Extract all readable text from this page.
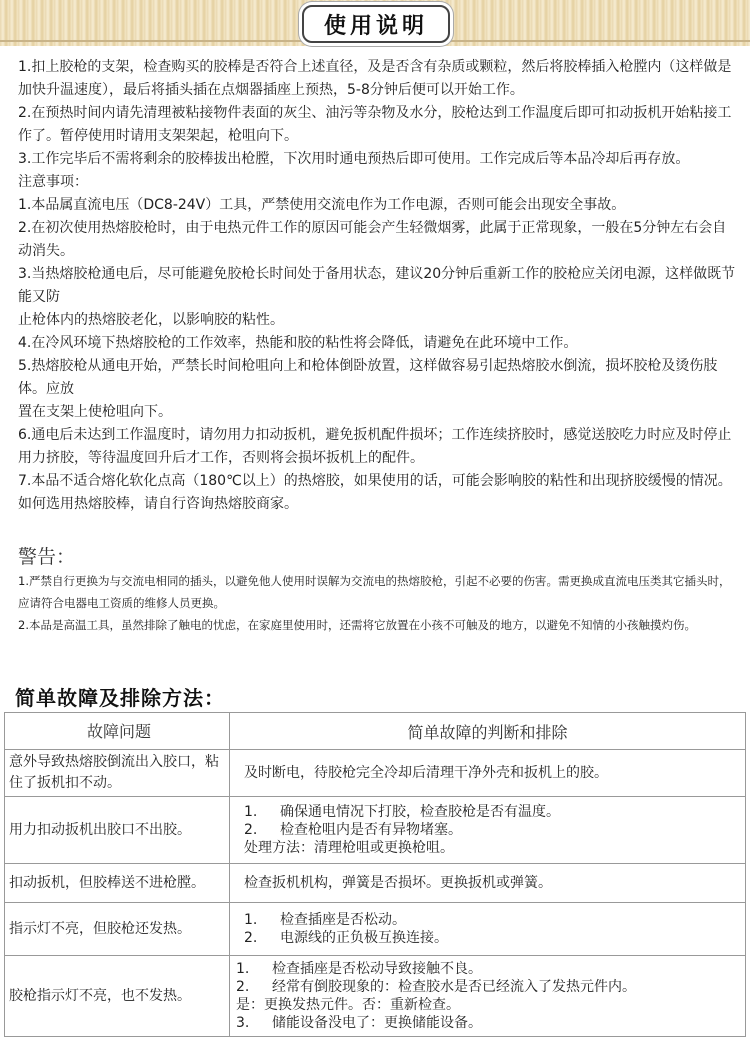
使用说明

1.扣上胶枪的支架，检查购买的胶棒是否符合上述直径，及是否含有杂质或颗粒，然后将胶棒插入枪膛内（这样做是加快升温速度），最后将插头插在点烟器插座上预热，5-8分钟后便可以开始工作。

2.在预热时间内请先清理被粘接物件表面的灰尘、油污等杂物及水分，胶枪达到工作温度后即可扣动扳机开始粘接工作了。暂停使用时请用支架架起，枪咀向下。

3.工作完毕后不需将剩余的胶棒拔出枪膛，下次用时通电预热后即可使用。工作完成后等本品冷却后再存放。

注意事项：

1.本品属直流电压（DC8-24V）工具，严禁使用交流电作为工作电源，否则可能会出现安全事故。

2.在初次使用热熔胶枪时，由于电热元件工作的原因可能会产生轻微烟雾，此属于正常现象，一般在5分钟左右会自动消失。

3.当热熔胶枪通电后，尽可能避免胶枪长时间处于备用状态，建议20分钟后重新工作的胶枪应关闭电源，这样做既节能又防

止枪体内的热熔胶老化，以影响胶的粘性。

4.在冷风环境下热熔胶枪的工作效率，热能和胶的粘性将会降低，请避免在此环境中工作。

5.热熔胶枪从通电开始，严禁长时间枪咀向上和枪体倒卧放置，这样做容易引起热熔胶水倒流，损坏胶枪及烫伤肢体。应放

置在支架上使枪咀向下。

6.通电后未达到工作温度时，请勿用力扣动扳机，避免扳机配件损坏；工作连续挤胶时，感觉送胶吃力时应及时停止用力挤胶，等待温度回升后才工作，否则将会损坏扳机上的配件。

7.本品不适合熔化软化点高（180℃以上）的热熔胶，如果使用的话，可能会影响胶的粘性和出现挤胶缓慢的情况。如何选用热熔胶棒，请自行咨询热熔胶商家。

警告：

1.严禁自行更换为与交流电相同的插头，以避免他人使用时误解为交流电的热熔胶枪，引起不必要的伤害。需更换成直流电压类其它插头时，应请符合电器电工资质的维修人员更换。

2.本品是高温工具，虽然排除了触电的忧虑，在家庭里使用时，还需将它放置在小孩不可触及的地方，以避免不知情的小孩触摸灼伤。

简单故障及排除方法：
故障问题	简单故障的判断和排除
意外导致热熔胶倒流出入胶口，粘住了扳机扣不动。	及时断电，待胶枪完全冷却后清理干净外壳和扳机上的胶。
用力扣动扳机出胶口不出胶。	1. 确保通电情况下打胶，检查胶枪是否有温度。
2. 检查枪咀内是否有异物堵塞。
处理方法：清理枪咀或更换枪咀。

扣动扳机，但胶棒送不进枪膛。	检查扳机机构，弹簧是否损坏。更换扳机或弹簧。
指示灯不亮，但胶枪还发热。	1. 检查插座是否松动。
2. 电源线的正负极互换连接。

胶枪指示灯不亮，也不发热。	1. 检查插座是否松动导致接触不良。
2. 经常有倒胶现象的：检查胶水是否已经流入了发热元件内。
是：更换发热元件。否：重新检查。
3. 储能设备没电了：更换储能设备。
